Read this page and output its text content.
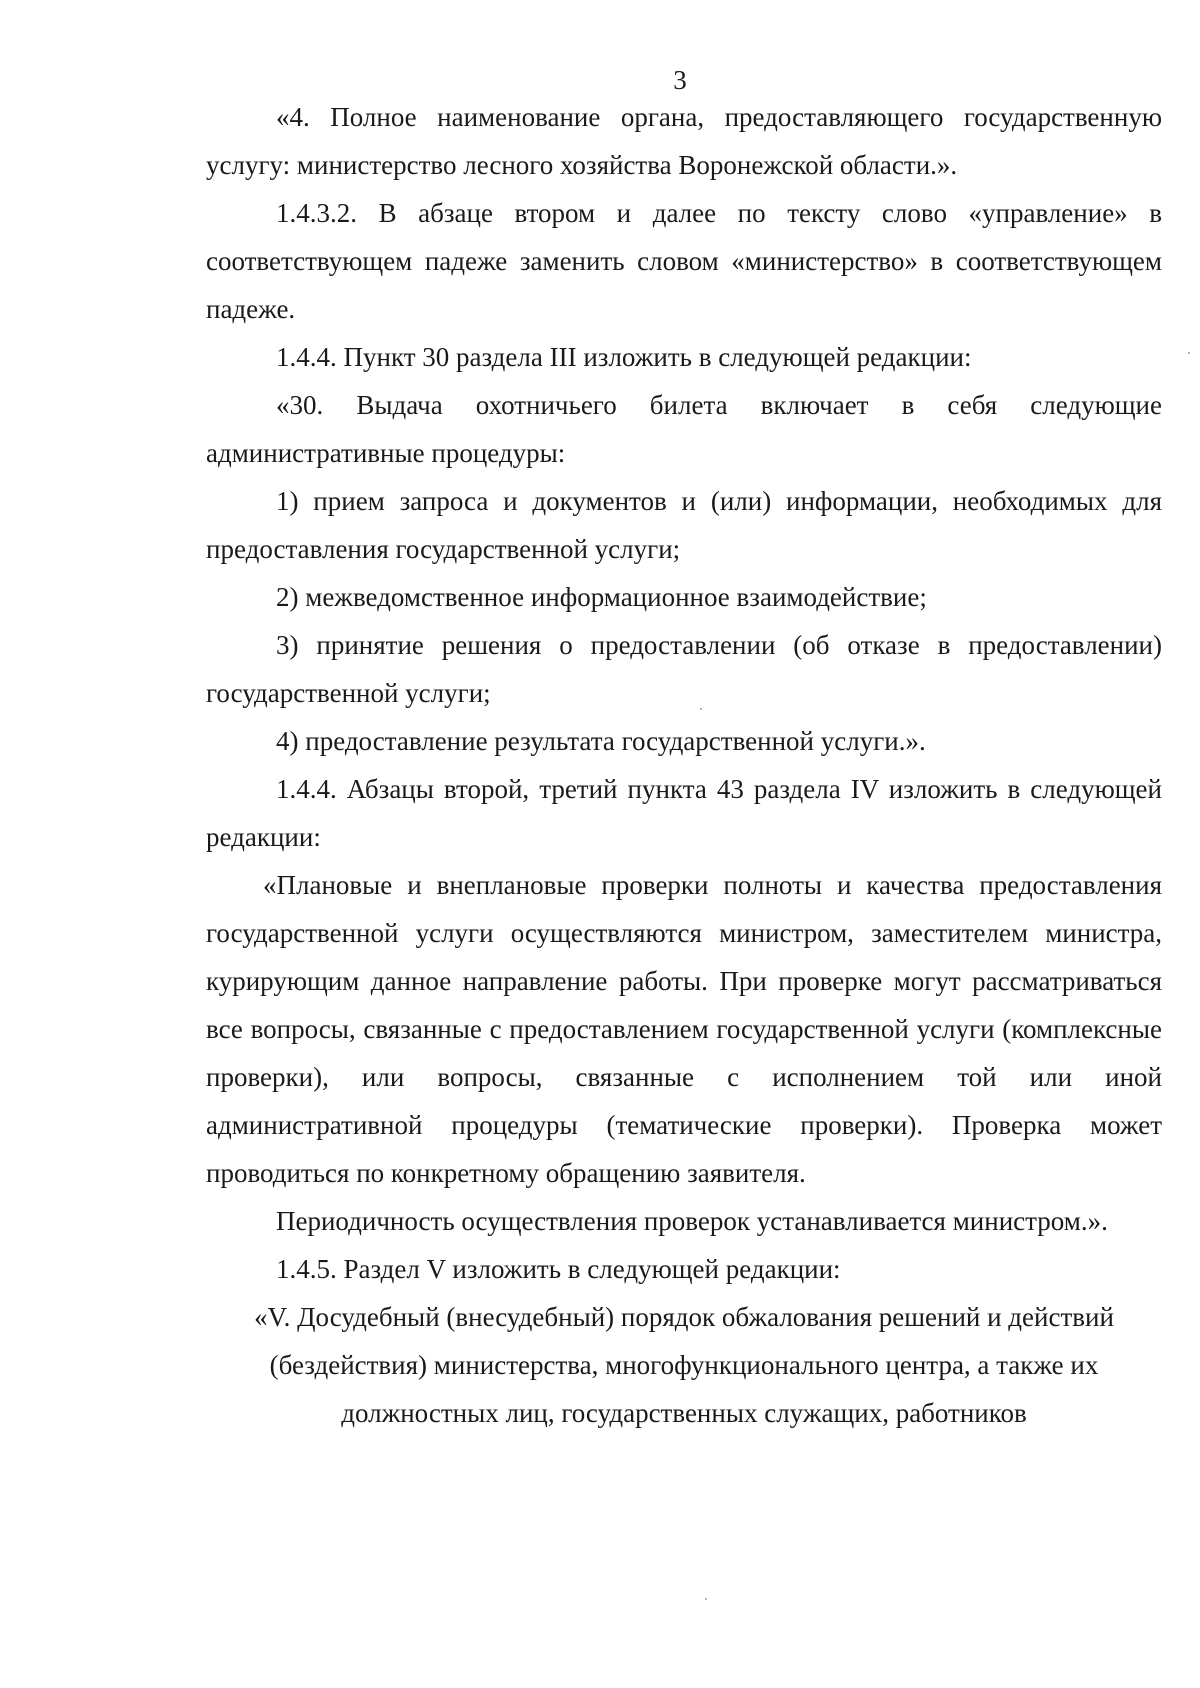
3

«4. Полное наименование органа, предоставляющего государственную услугу: министерство лесного хозяйства Воронежской области.».

1.4.3.2. В абзаце втором и далее по тексту слово «управление» в соответствующем падеже заменить словом «министерство» в соответствующем падеже.

1.4.4. Пункт 30 раздела III изложить в следующей редакции:

«30. Выдача охотничьего билета включает в себя следующие административные процедуры:

1) прием запроса и документов и (или) информации, необходимых для предоставления государственной услуги;

2) межведомственное информационное взаимодействие;

3) принятие решения о предоставлении (об отказе в предоставлении) государственной услуги;

4) предоставление результата государственной услуги.».

1.4.4. Абзацы второй, третий пункта 43 раздела IV изложить в следующей редакции:

«Плановые и внеплановые проверки полноты и качества предоставления государственной услуги осуществляются министром, заместителем министра, курирующим данное направление работы. При проверке могут рассматриваться все вопросы, связанные с предоставлением государственной услуги (комплексные проверки), или вопросы, связанные с исполнением той или иной административной процедуры (тематические проверки). Проверка может проводиться по конкретному обращению заявителя.

Периодичность осуществления проверок устанавливается министром.».

1.4.5. Раздел V изложить в следующей редакции:

«V. Досудебный (внесудебный) порядок обжалования решений и действий
(бездействия) министерства, многофункционального центра, а также их
должностных лиц, государственных служащих, работников
